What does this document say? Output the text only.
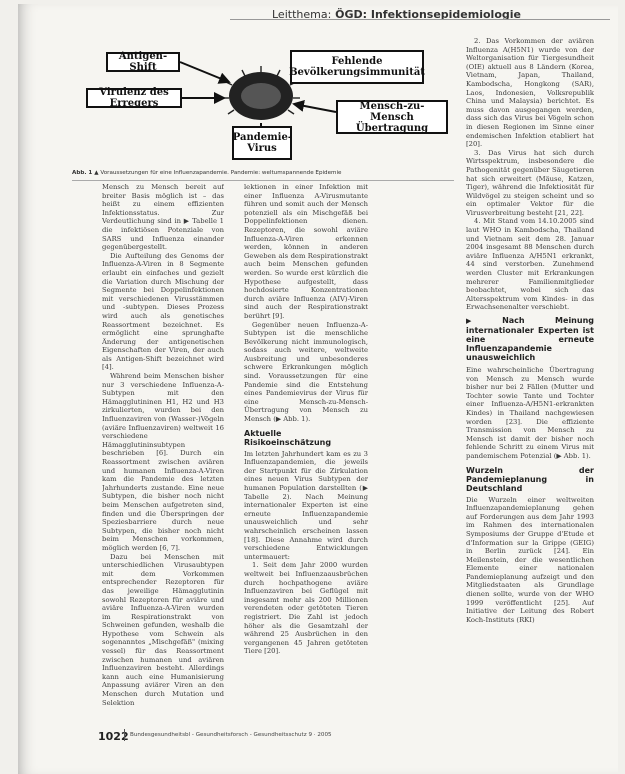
Leitthema: ÖGD: Infektionsepidemiologie
Antigen-Shift
Fehlende Bevölkerungsimmunität
Virulenz des Erregers	Mensch-zu-Mensch Übertragung
Pandemie-Virus
Abb. 1 ▲ Voraussetzungen für eine Influenzapandemie. Pandemie: weltumspannende Epidemie

Mensch zu Mensch bereit auf breiter Basis möglich ist – das heißt zu einem effizienten Infektionsstatus. Zur Verdeutlichung sind in ▶ Tabelle 1 die infektiösen Potenziale von SARS und Influenza einander gegenübergestellt.

Die Aufteilung des Genoms der Influenza-A-Viren in 8 Segmente erlaubt ein einfaches und gezielt die Variation durch Mischung der Segmente bei Doppelinfektionen mit verschiedenen Virusstämmen und -subtypen. Dieses Prozess wird auch als genetisches Reassortment bezeichnet. Es ermöglicht eine sprunghafte Änderung der antigenetischen Eigenschaften der Viren, der auch als Antigen-Shift bezeichnet wird [4].

Während beim Menschen bisher nur 3 verschiedene Influenza-A-Subtypen mit den Hämagglutininen H1, H2 und H3 zirkulierten, wurden bei den Influenzaviren von (Wasser-)Vögeln (aviäre Influenzaviren) weltweit 16 verschiedene Hämagglutininsubtypen beschrieben [6]. Durch ein Reassortment zwischen aviären und humanen Influenza-A-Viren kam die Pandemie des letzten Jahrhunderts zustande. Eine neue Subtypen, die bisher noch nicht beim Menschen aufgetreten sind, finden und die Überspringen der Speziesbarriere durch neue Subtypen, die bisher noch nicht beim Menschen vorkommen, möglich werden [6, 7].

Dazu bei Menschen mit unterschiedlichen Virusaubtypen mit dem Vorkommen entsprechender Rezeptoren für das jeweilige Hämagglutinin sowohl Rezeptoren für aviäre und aviäre Influenza-A-Viren wurden im Respirationstrakt von Schweinen gefunden, weshalb die Hypothese vom Schwein als sogenanntes „Mischgefäß" (mixing vessel) für das Reassortment zwischen humanen und aviären Influenzaviren besteht. Allerdings kann auch eine Humanisierung Anpassung aviärer Viren an den Menschen durch Mutation und Selektion

lektionen in einer Infektion mit einer Influenza A-Virusmutante führen und somit auch der Mensch potenziell als ein Mischgefäß bei Doppelinfektionen dienen. Rezeptoren, die sowohl aviäre Influenza-A-Viren erkennen werden, können in anderen Geweben als dem Respirationstrakt auch beim Menschen gefunden werden. So wurde erst kürzlich die Hypothese aufgestellt, dass hochdosierte Konzentrationen durch aviäre Influenza (AIV)-Viren sind auch der Respirationstrakt berührt [9].

Gegenüber neuen Influenza-A-Subtypen ist die menschliche Bevölkerung nicht immunologisch, sodass auch weitere, weltweite Ausbreitung und unbesonderes schwere Erkrankungen möglich sind. Voraussetzungen für eine Pandemie sind die Entstehung eines Pandemievirus der Virus für eine Mensch-zu-Mensch-Übertragung von Mensch zu Mensch (▶ Abb. 1).

Aktuelle Risikoeinschätzung

Im letzten Jahrhundert kam es zu 3 Influenzapandemien, die jeweils der Startpunkt für die Zirkulation eines neuen Virus Subtypen der humanen Population darstellten (▶ Tabelle 2). Nach Meinung internationaler Experten ist eine erneute Influenzapandemie unausweichlich und sehr wahrscheinlich erscheinen lassen [18]. Diese Annahme wird durch verschiedene Entwicklungen untermauert:

1. Seit dem Jahr 2000 wurden weltweit bei Influenzaausbrüchen durch hochpathogene aviäre Influenzaviren bei Geflügel mit insgesamt mehr als 200 Millionen verendeten oder getöteten Tieren registriert. Die Zahl ist jedoch höher als die Gesamtzahl der während 25 Ausbrüchen in den vergangenen 45 Jahren getöteten Tiere [20].

2. Das Vorkommen der aviären Influenza A(H5N1) wurde von der Weltorganisation für Tiergesundheit (OIE) aktuell aus 8 Ländern (Korea, Vietnam, Japan, Thailand, Kambodscha, Hongkong (SAR), Laos, Indonesien, Volksrepublik China und Malaysia) berichtet. Es muss davon ausgegangen werden, dass sich das Virus bei Vögeln schon in diesen Regionen im Sinne einer endemischen Infektion etabliert hat [20].

3. Das Virus hat sich durch Wirtsspektrum, insbesondere die Pathogenität gegenüber Säugetieren hat sich erweitert (Mäuse, Katzen, Tiger), während die Infektiosität für Wildvögel zu steigen scheint und so ein optimaler Vektor für die Virusverbreitung besteht [21, 22].

4. Mit Stand vom 14.10.2005 sind laut WHO in Kambodscha, Thailand und Vietnam seit dem 28. Januar 2004 insgesamt 88 Menschen durch aviäre Influenza A/H5N1 erkrankt, 44 sind verstorben. Zunehmend werden Cluster mit Erkrankungen mehrerer Familienmitglieder beobachtet, wobei sich das Altersspektrum vom Kindes- in das Erwachsenenalter verschiebt.

▶ Nach Meinung internationaler Experten ist eine erneute Influenzapandemie unausweichlich

Eine wahrscheinliche Übertragung von Mensch zu Mensch wurde bisher nur bei 2 Fällen (Mutter und Tochter sowie Tante und Tochter einer Influenza-A/H5N1-erkrankten Kindes) in Thailand nachgewiesen worden [23]. Die effiziente Transmission von Mensch zu Mensch ist damit der bisher noch fehlende Schritt zu einem Virus mit pandemischem Potenzial (▶ Abb. 1).

Wurzeln der Pandemieplanung in Deutschland

Die Wurzeln einer weltweiten Influenzapandemieplanung gehen auf Forderungen aus dem Jahr 1993 im Rahmen des internationalen Symposiums der Gruppe d'Etude et d'Information sur la Grippe (GEIG) in Berlin zurück [24]. Ein Meilenstein, der die wesentlichen Elemente einer nationalen Pandemieplanung aufzeigt und den Mitgliedstaaten als Grundlage dienen sollte, wurde von der WHO 1999 veröffentlicht [25]. Auf Initiative der Leitung des Robert Koch-Instituts (RKI)

1022 Bundesgesundheitsbl - Gesundheitsforsch - Gesundheitsschutz 9 · 2005
